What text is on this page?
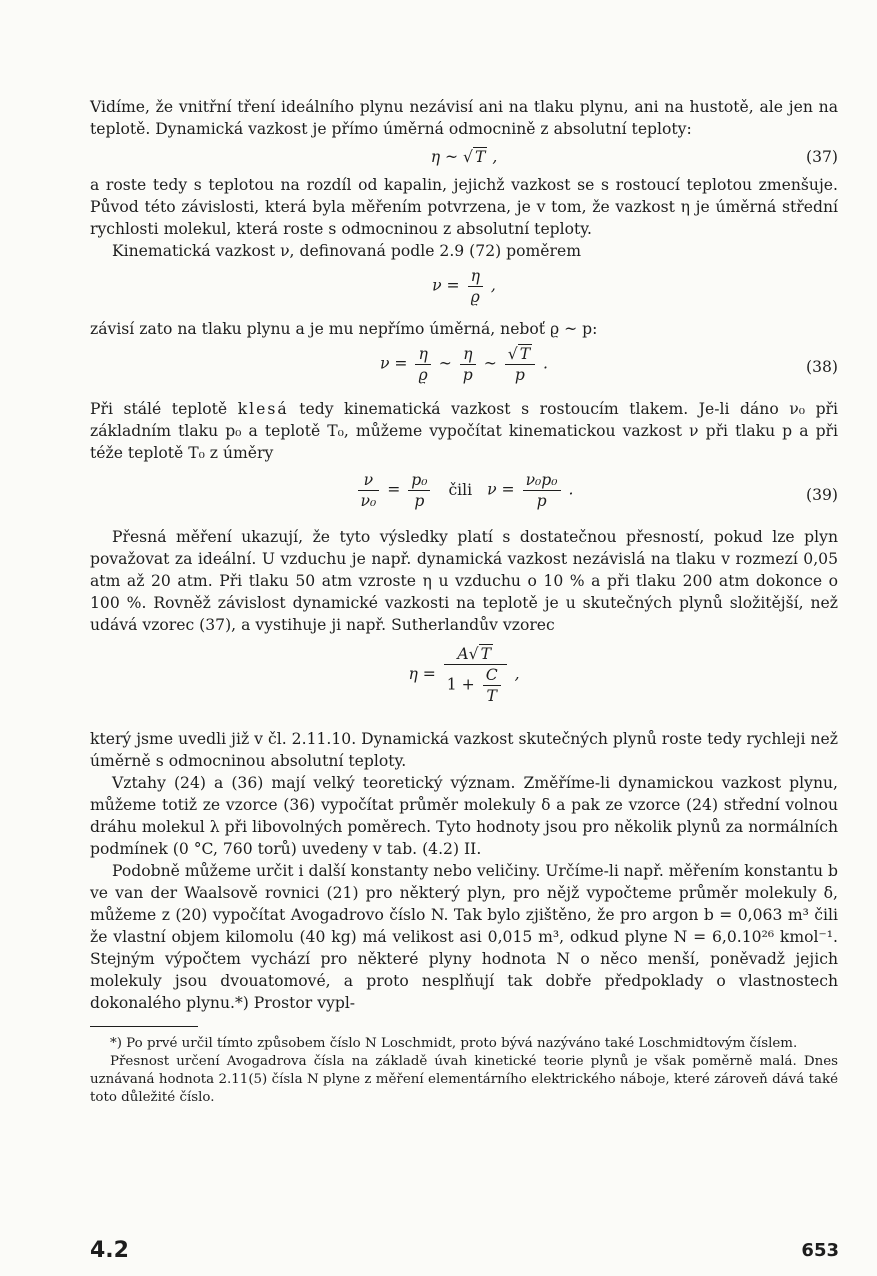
Vidíme, že vnitřní tření ideálního plynu nezávisí ani na tlaku plynu, ani na hustotě, ale jen na teplotě. Dynamická vazkost je přímo úměrná odmocnině z absolutní teploty:

η ~ √ T ,	(37)

a roste tedy s teplotou na rozdíl od kapalin, jejichž vazkost se s rostoucí teplotou zmenšuje. Původ této závislosti, která byla měřením potvrzena, je v tom, že vazkost η je úměrná střední rychlosti molekul, která roste s odmocninou z absolutní teploty.

Kinematická vazkost ν, definovaná podle 2.9 (72) poměrem

$\nu = \frac{\eta}{ϱ}$ ,

závisí zato na tlaku plynu a je mu nepřímo úměrná, neboť ϱ ~ p:

$\nu = \frac{\eta}{ϱ}$ ~ $\frac{\eta}{p}$ ~ $\frac{√ T}{p}$ .	(38)

Při stálé teplotě klesá tedy kinematická vazkost s rostoucím tlakem. Je-li dáno ν₀ při základním tlaku p₀ a teplotě T₀, můžeme vypočítat kinematickou vazkost ν při tlaku p a při téže teplotě T₀ z úměry

$\frac{\nu}{\text{ν₀}} = \frac{\text{p₀}}{p}$ čili $\nu = \frac{\text{ν₀p₀}}{p}$ .	(39)

Přesná měření ukazují, že tyto výsledky platí s dostatečnou přesností, pokud lze plyn považovat za ideální. U vzduchu je např. dynamická vazkost nezávislá na tlaku v rozmezí 0,05 atm až 20 atm. Při tlaku 50 atm vzroste η u vzduchu o 10 % a při tlaku 200 atm dokonce o 100 %. Rovněž závislost dynamické vazkosti na teplotě je u skutečných plynů složitější, než udává vzorec (37), a vystihuje ji např. Sutherlandův vzorec

$\eta = \frac{A√ T}{1 + \frac{C}{T}}$ ,

který jsme uvedli již v čl. 2.11.10. Dynamická vazkost skutečných plynů roste tedy rychleji než úměrně s odmocninou absolutní teploty.

Vztahy (24) a (36) mají velký teoretický význam. Změříme-li dynamickou vazkost plynu, můžeme totiž ze vzorce (36) vypočítat průměr molekuly δ a pak ze vzorce (24) střední volnou dráhu molekul λ při libovolných poměrech. Tyto hodnoty jsou pro několik plynů za normálních podmínek (0 °C, 760 torů) uvedeny v tab. (4.2) II.

Podobně můžeme určit i další konstanty nebo veličiny. Určíme-li např. měřením konstantu b ve van der Waalsově rovnici (21) pro některý plyn, pro nějž vypočteme průměr molekuly δ, můžeme z (20) vypočítat Avogadrovo číslo N. Tak bylo zjištěno, že pro argon b = 0,063 m³ čili že vlastní objem kilomolu (40 kg) má velikost asi 0,015 m³, odkud plyne N = 6,0.10²⁶ kmol⁻¹. Stejným výpočtem vychází pro některé plyny hodnota N o něco menší, poněvadž jejich molekuly jsou dvouatomové, a proto nesplňují tak dobře předpoklady o vlastnostech dokonalého plynu.*) Prostor vypl-

*) Po prvé určil tímto způsobem číslo N Loschmidt, proto bývá nazýváno také Loschmidtovým číslem.

Přesnost určení Avogadrova čísla na základě úvah kinetické teorie plynů je však poměrně malá. Dnes uznávaná hodnota 2.11(5) čísla N plyne z měření elementárního elektrického náboje, které zároveň dává také toto důležité číslo.

4.2	653
